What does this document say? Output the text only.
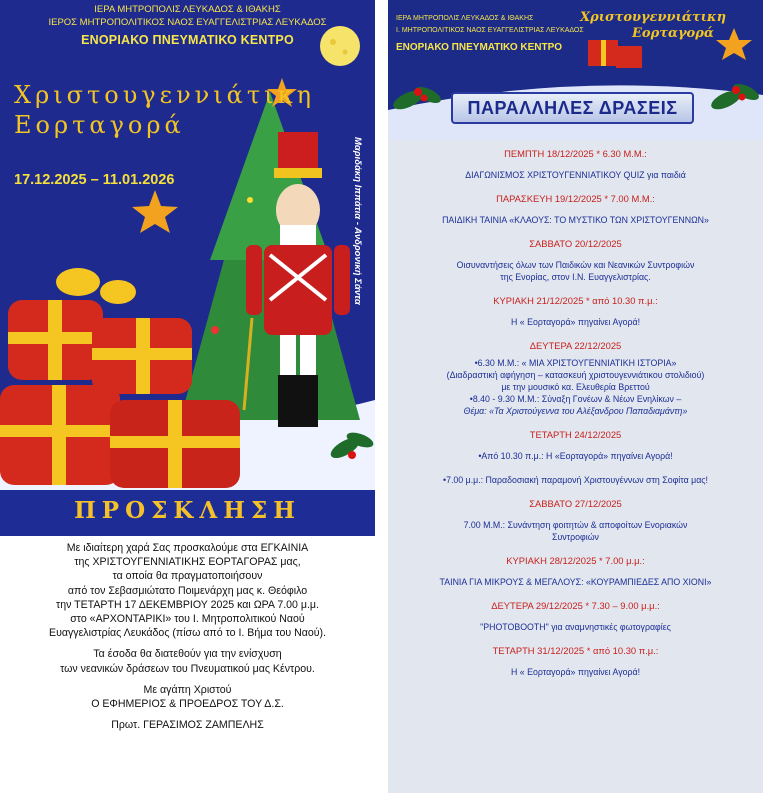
ΙΕΡΑ ΜΗΤΡΟΠΟΛΙΣ ΛΕΥΚΑΔΟΣ & ΙΘΑΚΗΣ
ΙΕΡΟΣ ΜΗΤΡΟΠΟΛΙΤΙΚΟΣ ΝΑΟΣ ΕΥΑΓΓΕΛΙΣΤΡΙΑΣ ΛΕΥΚΑΔΟΣ
ΕΝΟΡΙΑΚΟ ΠΝΕΥΜΑΤΙΚΟ ΚΕΝΤΡΟ
Χριστουγεννιάτικη
Εορταγορά
17.12.2025 – 11.01.2026	Μαριδάκη Ιππάτια - Ανδρονική Σάντα
ΠΡΟΣΚΛΗΣΗ

Με ιδιαίτερη χαρά Σας προσκαλούμε στα ΕΓΚΑΙΝΙΑ

της ΧΡΙΣΤΟΥΓΕΝΝΙΑΤΙΚΗΣ ΕΟΡΤΑΓΟΡΑΣ μας,

τα οποία θα πραγματοποιήσουν

από τον Σεβασμιώτατο Ποιμενάρχη μας κ. Θεόφιλο

την ΤΕΤΑΡΤΗ 17 ΔΕΚΕΜΒΡΙΟΥ 2025 και ΩΡΑ 7.00 μ.μ.

στο «ΑΡΧΟΝΤΑΡΙΚΙ» του Ι. Μητροπολιτικού Ναού

Ευαγγελιστρίας Λευκάδος (πίσω από το Ι. Βήμα του Ναού).

Τα έσοδα θα διατεθούν για την ενίσχυση

των νεανικών δράσεων του Πνευματικού μας Κέντρου.

Με αγάπη Χριστού

Ο ΕΦΗΜΕΡΙΟΣ & ΠΡΟΕΔΡΟΣ ΤΟΥ Δ.Σ.

Πρωτ. ΓΕΡΑΣΙΜΟΣ ΖΑΜΠΕΛΗΣ

ΙΕΡΑ ΜΗΤΡΟΠΟΛΙΣ ΛΕΥΚΑΔΟΣ & ΙΘΑΚΗΣ
Ι. ΜΗΤΡΟΠΟΛΙΤΙΚΟΣ ΝΑΟΣ ΕΥΑΓΓΕΛΙΣΤΡΙΑΣ ΛΕΥΚΑΔΟΣ
ΕΝΟΡΙΑΚΟ ΠΝΕΥΜΑΤΙΚΟ ΚΕΝΤΡΟ
Χριστουγεννιάτικη
Εορταγορά
ΠΑΡΑΛΛΗΛΕΣ ΔΡΑΣΕΙΣ
ΠΕΜΠΤΗ 18/12/2025 * 6.30 Μ.Μ.:
ΔΙΑΓΩΝΙΣΜΟΣ ΧΡΙΣΤΟΥΓΕΝΝΙΑΤΙΚΟΥ QUIZ για παιδιά
ΠΑΡΑΣΚΕΥΗ 19/12/2025 * 7.00 Μ.Μ.:
ΠΑΙΔΙΚΗ ΤΑΙΝΙΑ «ΚΛΑΟΥΣ: ΤΟ ΜΥΣΤΙΚΟ ΤΩΝ ΧΡΙΣΤΟΥΓΕΝΝΩΝ»
ΣΑΒΒΑΤΟ 20/12/2025
Οισυναντήσεις όλων των Παιδικών και Νεανικών Συντροφιών
της Ενορίας, στον Ι.Ν. Ευαγγελιστρίας.
ΚΥΡΙΑΚΗ 21/12/2025 * από 10.30 π.μ.:
Η « Εορταγορά» πηγαίνει Αγορά!
ΔΕΥΤΕΡΑ 22/12/2025
•6.30 Μ.Μ.: « ΜΙΑ ΧΡΙΣΤΟΥΓΕΝΝΙΑΤΙΚΗ ΙΣΤΟΡΙΑ»
(Διαδραστική αφήγηση – κατασκευή χριστουγεννιάτικου στολιδιού)
με την μουσικό κα. Ελευθερία Βρεττού
•8.40 - 9.30 Μ.Μ.: Σύναξη Γονέων & Νέων Ενηλίκων –
Θέμα: «Τα Χριστούγεννα του Αλέξανδρου Παπαδιαμάντη»
ΤΕΤΑΡΤΗ 24/12/2025
•Από 10.30 π.μ.: Η «Εορταγορά» πηγαίνει Αγορά!
•7.00 μ.μ.: Παραδοσιακή παραμονή Χριστουγέννων στη Σοφίτα μας!
ΣΑΒΒΑΤΟ 27/12/2025
7.00 Μ.Μ.: Συνάντηση φοιτητών & αποφοίτων Ενοριακών
Συντροφιών
ΚΥΡΙΑΚΗ 28/12/2025 * 7.00 μ.μ.:
ΤΑΙΝΙΑ ΓΙΑ ΜΙΚΡΟΥΣ & ΜΕΓΑΛΟΥΣ: «ΚΟΥΡΑΜΠΙΕΔΕΣ ΑΠΟ ΧΙΟΝΙ»
ΔΕΥΤΕΡΑ 29/12/2025 * 7.30 – 9.00 μ.μ.:
"PHOTOBOOTH" για αναμνηστικές φωτογραφίες
ΤΕΤΑΡΤΗ 31/12/2025 * από 10.30 π.μ.:
Η « Εορταγορά» πηγαίνει Αγορά!
